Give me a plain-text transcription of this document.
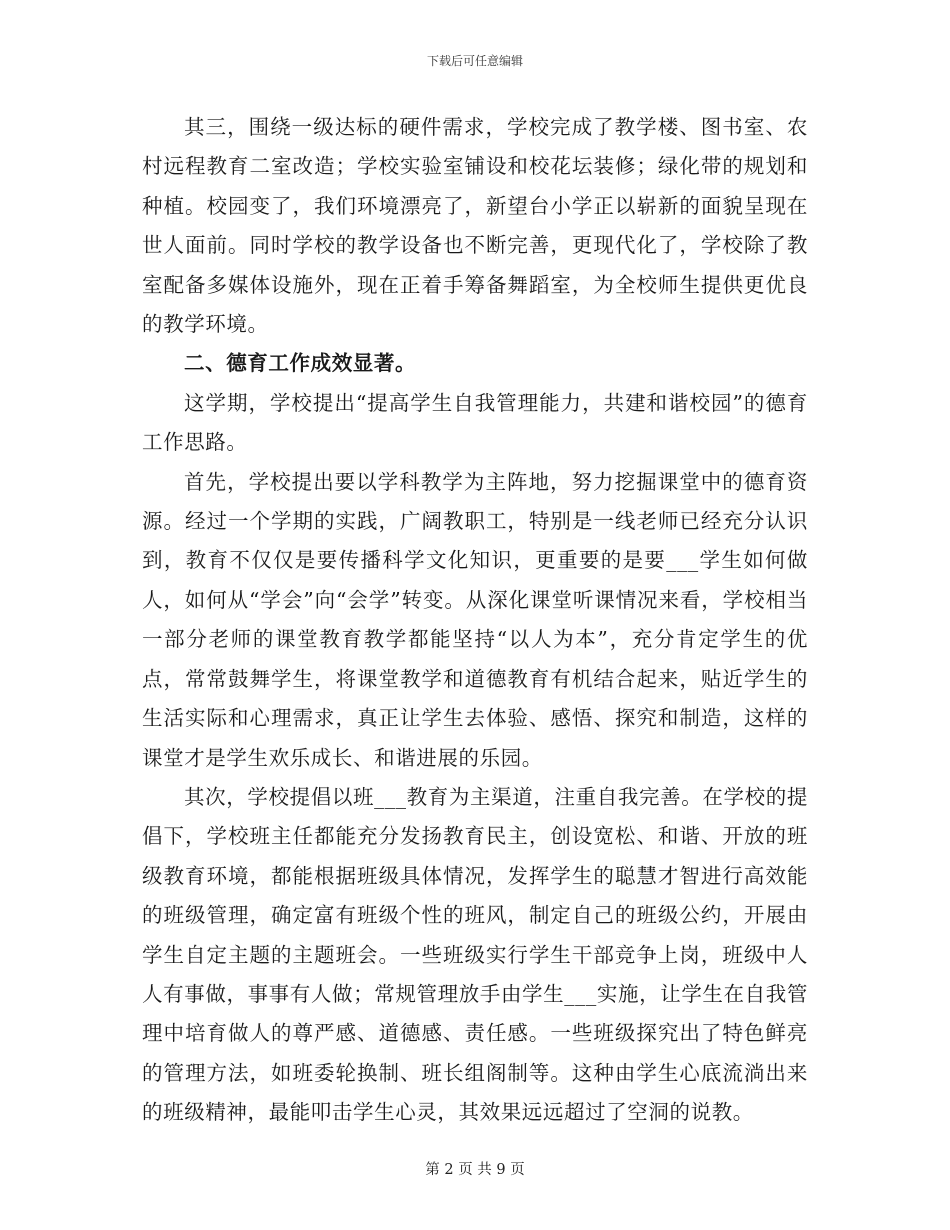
下载后可任意编辑

其三，围绕一级达标的硬件需求，学校完成了教学楼、图书室、农村远程教育二室改造；学校实验室铺设和校花坛装修；绿化带的规划和种植。校园变了，我们环境漂亮了，新望台小学正以崭新的面貌呈现在世人面前。同时学校的教学设备也不断完善，更现代化了，学校除了教室配备多媒体设施外，现在正着手筹备舞蹈室，为全校师生提供更优良的教学环境。

二、德育工作成效显著。

这学期，学校提出“提高学生自我管理能力，共建和谐校园”的德育工作思路。

首先，学校提出要以学科教学为主阵地，努力挖掘课堂中的德育资源。经过一个学期的实践，广阔教职工，特别是一线老师已经充分认识到，教育不仅仅是要传播科学文化知识，更重要的是要___学生如何做人，如何从“学会”向“会学”转变。从深化课堂听课情况来看，学校相当一部分老师的课堂教育教学都能坚持“以人为本”，充分肯定学生的优点，常常鼓舞学生，将课堂教学和道德教育有机结合起来，贴近学生的生活实际和心理需求，真正让学生去体验、感悟、探究和制造，这样的课堂才是学生欢乐成长、和谐进展的乐园。

其次，学校提倡以班___教育为主渠道，注重自我完善。在学校的提倡下，学校班主任都能充分发扬教育民主，创设宽松、和谐、开放的班级教育环境，都能根据班级具体情况，发挥学生的聪慧才智进行高效能的班级管理，确定富有班级个性的班风，制定自己的班级公约，开展由学生自定主题的主题班会。一些班级实行学生干部竞争上岗，班级中人人有事做，事事有人做；常规管理放手由学生___实施，让学生在自我管理中培育做人的尊严感、道德感、责任感。一些班级探究出了特色鲜亮的管理方法，如班委轮换制、班长组阁制等。这种由学生心底流淌出来的班级精神，最能叩击学生心灵，其效果远远超过了空洞的说教。

第 2 页 共 9 页
